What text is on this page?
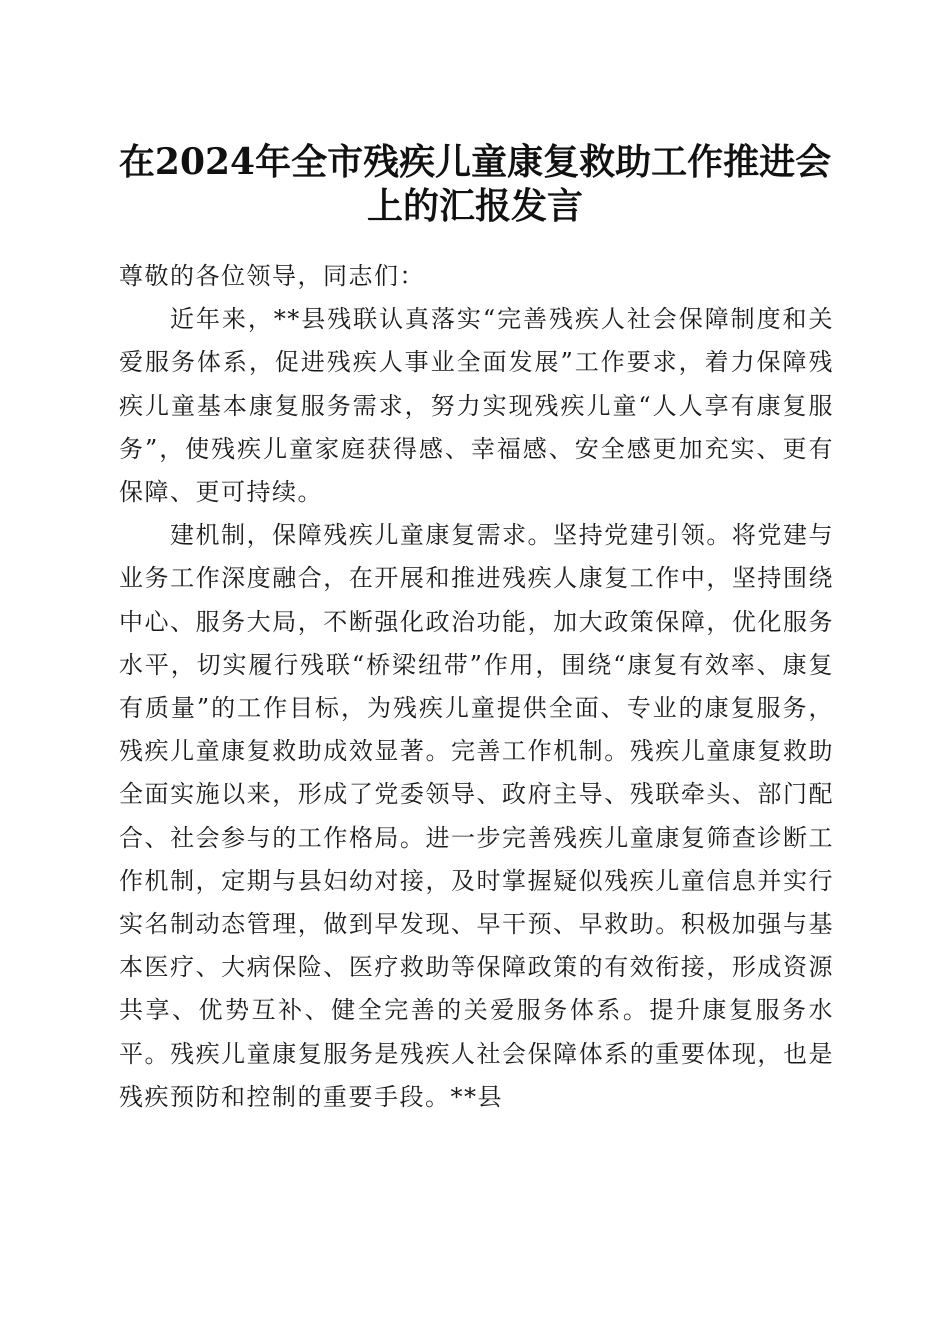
在2024年全市残疾儿童康复救助工作推进会
上的汇报发言

尊敬的各位领导，同志们：

近年来，**县残联认真落实“完善残疾人社会保障制度和关爱服务体系，促进残疾人事业全面发展”工作要求，着力保障残疾儿童基本康复服务需求，努力实现残疾儿童“人人享有康复服务”，使残疾儿童家庭获得感、幸福感、安全感更加充实、更有保障、更可持续。

建机制，保障残疾儿童康复需求。坚持党建引领。将党建与业务工作深度融合，在开展和推进残疾人康复工作中，坚持围绕中心、服务大局，不断强化政治功能，加大政策保障，优化服务水平，切实履行残联“桥梁纽带”作用，围绕“康复有效率、康复有质量”的工作目标，为残疾儿童提供全面、专业的康复服务，残疾儿童康复救助成效显著。完善工作机制。残疾儿童康复救助全面实施以来，形成了党委领导、政府主导、残联牵头、部门配合、社会参与的工作格局。进一步完善残疾儿童康复筛查诊断工作机制，定期与县妇幼对接，及时掌握疑似残疾儿童信息并实行实名制动态管理，做到早发现、早干预、早救助。积极加强与基本医疗、大病保险、医疗救助等保障政策的有效衔接，形成资源共享、优势互补、健全完善的关爱服务体系。提升康复服务水平。残疾儿童康复服务是残疾人社会保障体系的重要体现，也是残疾预防和控制的重要手段。**县
